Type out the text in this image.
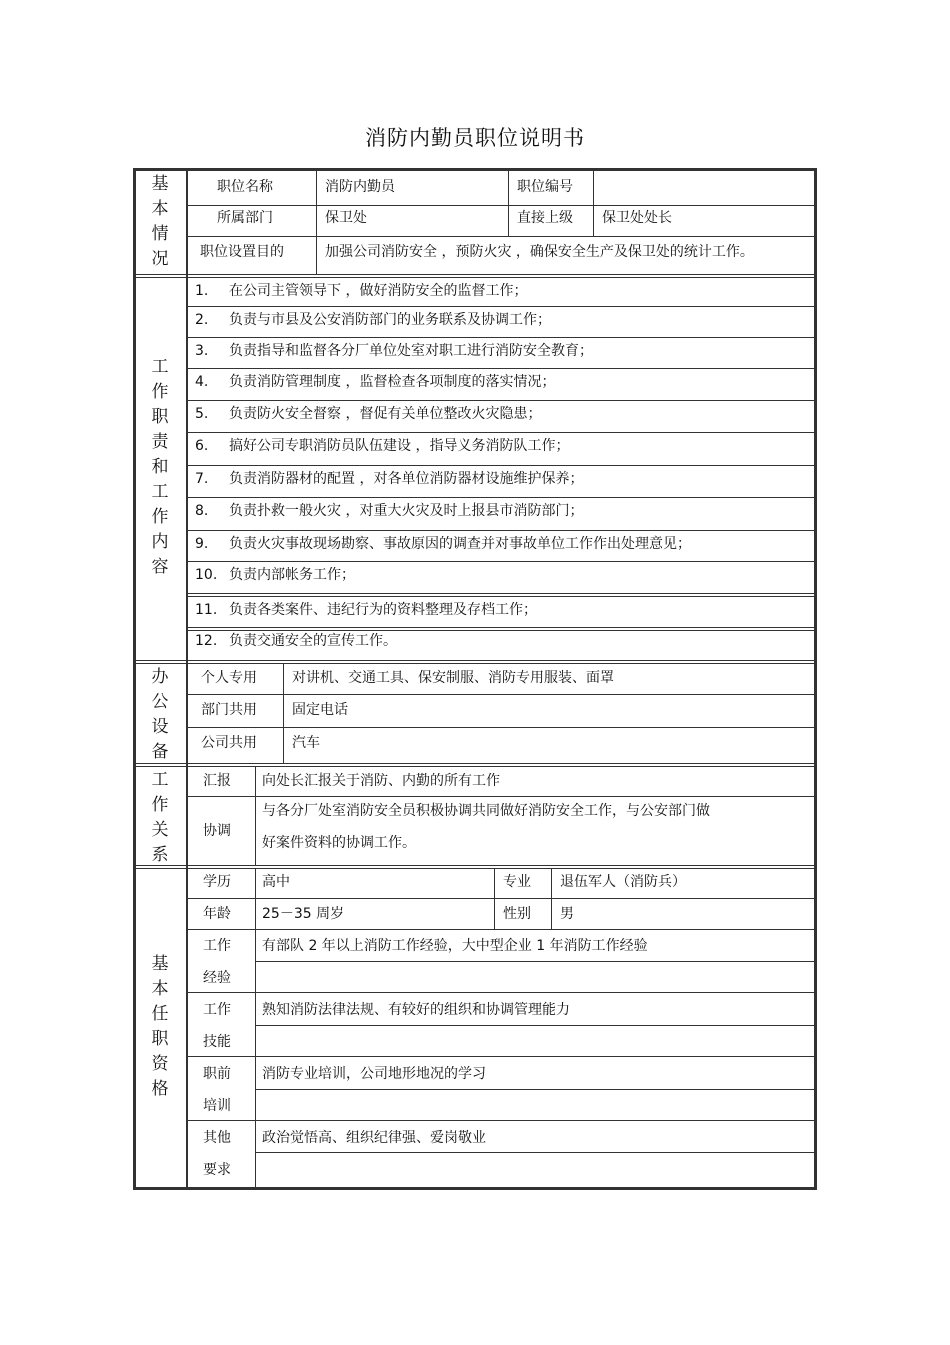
消防内勤员职位说明书
基
本
情
况
职位名称	消防内勤员	职位编号
所属部门	保卫处	直接上级 保卫处处长
职位设置目的	加强公司消防安全 ，预防火灾 ，确保安全生产及保卫处的统计工作。
工
作
职
责
和
工
作
内
容
1. 在公司主管领导下 ，做好消防安全的监督工作；
2. 负责与市县及公安消防部门的业务联系及协调工作；
3. 负责指导和监督各分厂单位处室对职工进行消防安全教育；
4. 负责消防管理制度 ，监督检查各项制度的落实情况；
5. 负责防火安全督察 ，督促有关单位整改火灾隐患；
6. 搞好公司专职消防员队伍建设 ，指导义务消防队工作；
7. 负责消防器材的配置 ，对各单位消防器材设施维护保养；
8. 负责扑救一般火灾 ，对重大火灾及时上报县市消防部门；
9. 负责火灾事故现场勘察、事故原因的调查并对事故单位工作作出处理意见；
10. 负责内部帐务工作；
11. 负责各类案件、违纪行为的资料整理及存档工作；
12. 负责交通安全的宣传工作。
办
公
设
备
个人专用	对讲机、交通工具、保安制服、消防专用服装、面罩
部门共用	固定电话
公司共用	汽车
工
作
关
系
汇报 向处长汇报关于消防、内勤的所有工作
协调
与各分厂处室消防安全员积极协调共同做好消防安全工作，与公安部门做
好案件资料的协调工作。
基
本
任
职
资
格
学历 高中	专业 退伍军人（消防兵）
年龄 25－35 周岁	性别 男
工作
经验
有部队 2 年以上消防工作经验，大中型企业 1 年消防工作经验
工作
技能
熟知消防法律法规、有较好的组织和协调管理能力
职前
培训
消防专业培训，公司地形地况的学习
其他
要求
政治觉悟高、组织纪律强、爱岗敬业
